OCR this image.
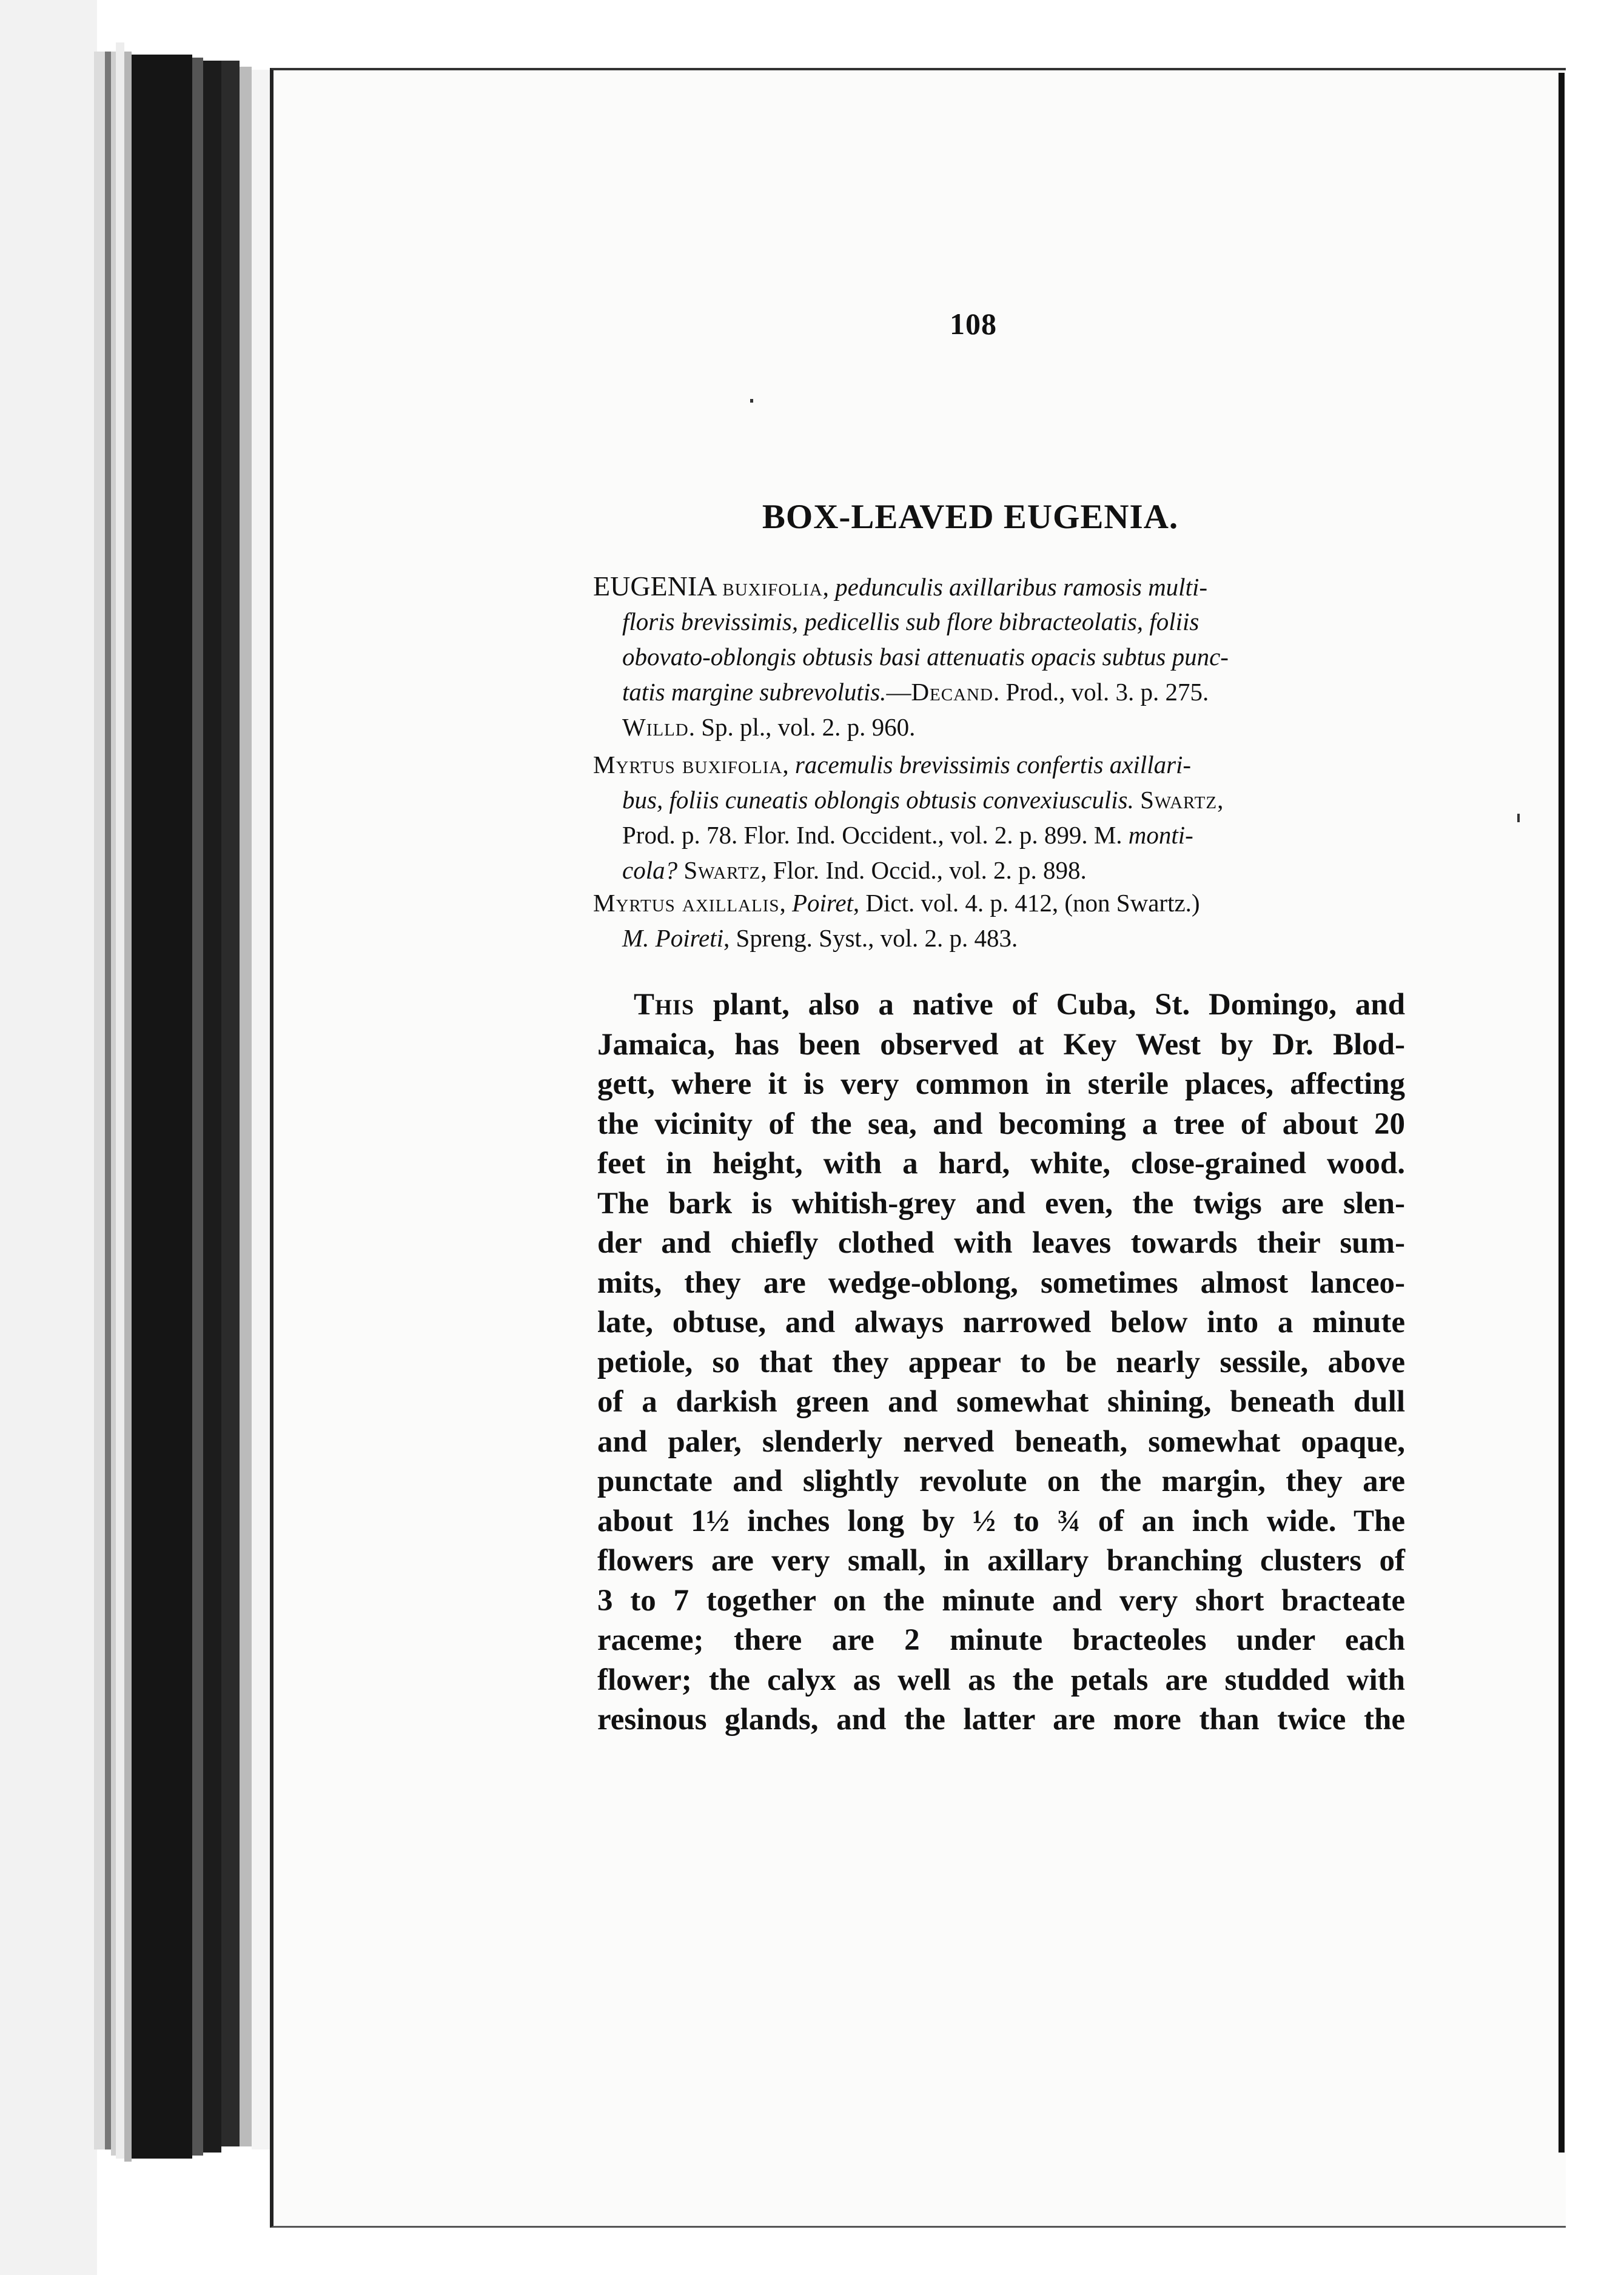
108
BOX-LEAVED EUGENIA.
EUGENIA buxifolia, pedunculis axillaribus ramosis multi-
floris brevissimis, pedicellis sub flore bibracteolatis, foliis
obovato-oblongis obtusis basi attenuatis opacis subtus punc-
tatis margine subrevolutis.—Decand. Prod., vol. 3. p. 275.
Willd. Sp. pl., vol. 2. p. 960.
Myrtus buxifolia, racemulis brevissimis confertis axillari-
bus, foliis cuneatis oblongis obtusis convexiusculis. Swartz,
Prod. p. 78. Flor. Ind. Occident., vol. 2. p. 899. M. monti-
cola? Swartz, Flor. Ind. Occid., vol. 2. p. 898.
Myrtus axillalis, Poiret, Dict. vol. 4. p. 412, (non Swartz.)
M. Poireti, Spreng. Syst., vol. 2. p. 483.
This plant, also a native of Cuba, St. Domingo, and
Jamaica, has been observed at Key West by Dr. Blod-
gett, where it is very common in sterile places, affecting
the vicinity of the sea, and becoming a tree of about 20
feet in height, with a hard, white, close-grained wood.
The bark is whitish-grey and even, the twigs are slen-
der and chiefly clothed with leaves towards their sum-
mits, they are wedge-oblong, sometimes almost lanceo-
late, obtuse, and always narrowed below into a minute
petiole, so that they appear to be nearly sessile, above
of a darkish green and somewhat shining, beneath dull
and paler, slenderly nerved beneath, somewhat opaque,
punctate and slightly revolute on the margin, they are
about 1½ inches long by ½ to ¾ of an inch wide. The
flowers are very small, in axillary branching clusters of
3 to 7 together on the minute and very short bracteate
raceme; there are 2 minute bracteoles under each
flower; the calyx as well as the petals are studded with
resinous glands, and the latter are more than twice the
